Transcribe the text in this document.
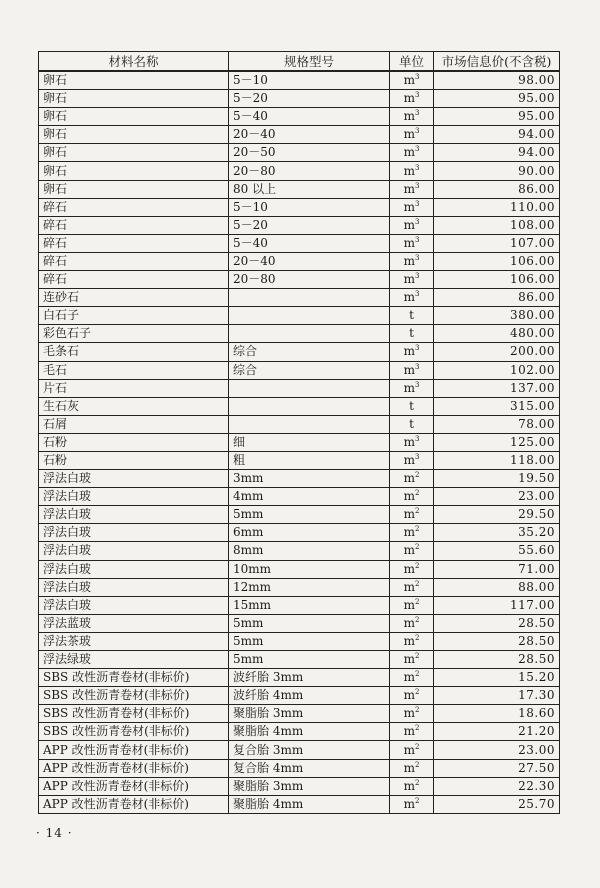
材料名称	规格型号	单位	市场信息价(不含税)
卵石	5－10	$m^3$	98.00
卵石	5－20	$m^3$	95.00
卵石	5－40	$m^3$	95.00
卵石	20－40	$m^3$	94.00
卵石	20－50	$m^3$	94.00
卵石	20－80	$m^3$	90.00
卵石	80 以上	$m^3$	86.00
碎石	5－10	$m^3$	110.00
碎石	5－20	$m^3$	108.00
碎石	5－40	$m^3$	107.00
碎石	20－40	$m^3$	106.00
碎石	20－80	$m^3$	106.00
连砂石		$m^3$	86.00
白石子		t	380.00
彩色石子		t	480.00
毛条石	综合	$m^3$	200.00
毛石	综合	$m^3$	102.00
片石		$m^3$	137.00
生石灰		t	315.00
石屑		t	78.00
石粉	细	$m^3$	125.00
石粉	粗	$m^3$	118.00
浮法白玻	3mm	$m^2$	19.50
浮法白玻	4mm	$m^2$	23.00
浮法白玻	5mm	$m^2$	29.50
浮法白玻	6mm	$m^2$	35.20
浮法白玻	8mm	$m^2$	55.60
浮法白玻	10mm	$m^2$	71.00
浮法白玻	12mm	$m^2$	88.00
浮法白玻	15mm	$m^2$	117.00
浮法蓝玻	5mm	$m^2$	28.50
浮法茶玻	5mm	$m^2$	28.50
浮法绿玻	5mm	$m^2$	28.50
SBS 改性沥青卷材(非标价)	波纤胎 3mm	$m^2$	15.20
SBS 改性沥青卷材(非标价)	波纤胎 4mm	$m^2$	17.30
SBS 改性沥青卷材(非标价)	聚脂胎 3mm	$m^2$	18.60
SBS 改性沥青卷材(非标价)	聚脂胎 4mm	$m^2$	21.20
APP 改性沥青卷材(非标价)	复合胎 3mm	$m^2$	23.00
APP 改性沥青卷材(非标价)	复合胎 4mm	$m^2$	27.50
APP 改性沥青卷材(非标价)	聚脂胎 3mm	$m^2$	22.30
APP 改性沥青卷材(非标价)	聚脂胎 4mm	$m^2$	25.70
· 14 ·
